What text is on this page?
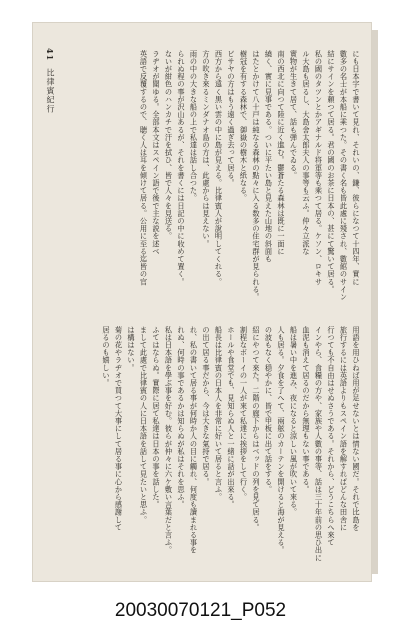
41 比律賓紀行	にも日本字で書いて見れ、それいの、鎌、彼らになつて十四年、實に
數多の名士が本船に乘つた。その書く名も皆此處に殘され、數館のサイン
結にサインを頼つて居る。君の國のお茶に日本の、甚にて驚いて居る。
私の國のタツンとかアギナルド将軍等も乘つて居る。ケソン、ロキサ
ル大島も居るし、大島舍太郎夫人の事等も云ふ。仲々立派な
實物が生きて居て、話も弾んでゐる。
南の西北に向つて陸に近く進む。鬱蒼たる森林は既に一面に
繞く、實に見事である。ついに平たい島と見えた山地の斜面も
はたとかけて八十戸は純なる森林の點々に入る数多の住宅群が見られる。
樹冠を有する森林で、御嶽の樹木と紙なる。
ビサヤの方はもう遠く過ぎ去って居る。
西方から遠く黒い雲の中に島が見える。比律賓人が說明してくれる。
方の吹き來るミンダナオ島の方は、此處からは見えない。
雨の中の大きな船の上で私達は話し合つた。
られぬ程の事が沢山あるが、それを書くには日記の中に收めて置く。
ないが紺色のハンカチで汗を拭ひ、皆で人々を見送る。
ラヂオが聞ゆる。全部本文はスペイン語で後で主な説を述べ
英語で反覆するので、聴く人は耳を傾けて居る。公用に至る迄皆の官
用語を用ひねば用が足せないとは情ない國だ。それで比島を
旅行するには英語よりもスペイン語を解すればどんな田舎に
行つても不自由はせぬさうである。それから、どうこちらへ來て
インやら、食糧の方や、家族や人數の事等、話は三十年前の思ひ出に
血泥も消えて居るのだから無理もない事である。
船は暑い中を進み、夜になると涼しい風が吹いて來る。
人も居る。夕食を了へて、兩舷のカーテンを開けると海が見える。
の波もなく穏やかに、皆で甲板に出て話をする。
紹にやつて來た。二階の廊下からはベッドの列を見て居る。
割程なボーイの一人が來て私達に挨拶をして行く。
ホールや食堂でも、見知らぬ人と一緒に話が出來る。
船長は比律賓の日本人を非常に好いて居ると言ふ。
の出て居る事だから、今は大きな氣持で居る。
れ、私の書いて居る事が何時か人の目に觸れ、何度も讀まれる事を
れぬ、何時の事であるかは知らぬが私はそれを思ふ。
私は日本語を學ぶ事を好む。彼らが仲々に六ケ敷い言葉だと言ふ。
ふてはならぬ。實際に居て私達は日本の事を話した。
まして此處で比律賓の人に日本語を話して見たいと思ふ。
は構はない。
菊の花やラヂオで買つて大事にして居る事に心から感謝して
居るのも嬉しい。
20030070121_P052
